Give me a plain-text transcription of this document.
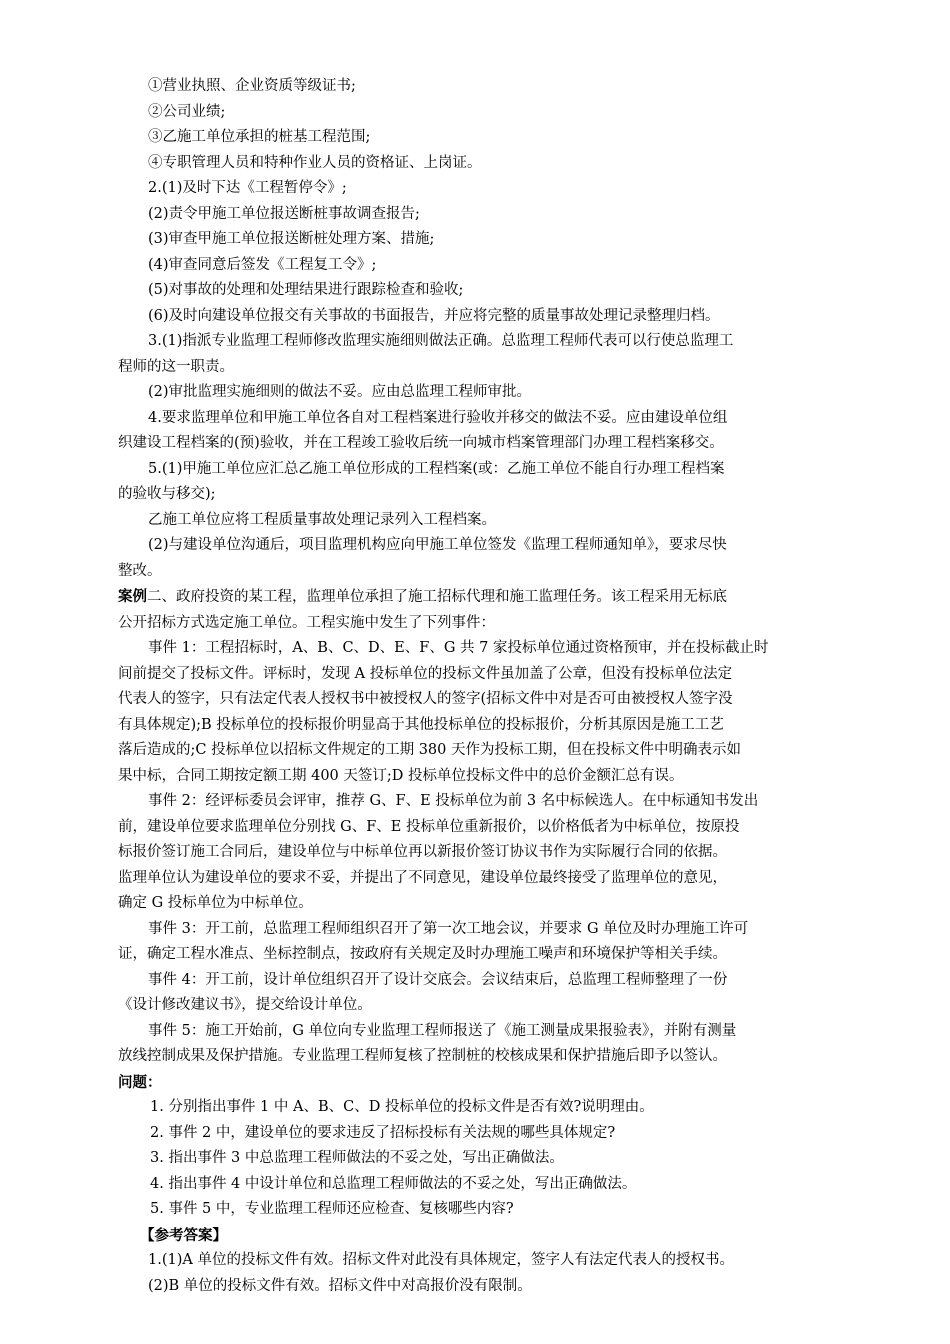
①营业执照、企业资质等级证书;
②公司业绩;
③乙施工单位承担的桩基工程范围;
④专职管理人员和特种作业人员的资格证、上岗证。
2.(1)及时下达《工程暂停令》;
(2)责令甲施工单位报送断桩事故调查报告;
(3)审查甲施工单位报送断桩处理方案、措施;
(4)审查同意后签发《工程复工令》;
(5)对事故的处理和处理结果进行跟踪检查和验收;
(6)及时向建设单位报交有关事故的书面报告，并应将完整的质量事故处理记录整理归档。
3.(1)指派专业监理工程师修改监理实施细则做法正确。总监理工程师代表可以行使总监理工
程师的这一职责。
(2)审批监理实施细则的做法不妥。应由总监理工程师审批。
4.要求监理单位和甲施工单位各自对工程档案进行验收并移交的做法不妥。应由建设单位组
织建设工程档案的(预)验收，并在工程竣工验收后统一向城市档案管理部门办理工程档案移交。
5.(1)甲施工单位应汇总乙施工单位形成的工程档案(或：乙施工单位不能自行办理工程档案
的验收与移交);
乙施工单位应将工程质量事故处理记录列入工程档案。
(2)与建设单位沟通后，项目监理机构应向甲施工单位签发《监理工程师通知单》，要求尽快
整改。
案例二、政府投资的某工程，监理单位承担了施工招标代理和施工监理任务。该工程采用无标底
公开招标方式选定施工单位。工程实施中发生了下列事件：
事件 1：工程招标时，A、B、C、D、E、F、G 共 7 家投标单位通过资格预审，并在投标截止时
间前提交了投标文件。评标时，发现 A 投标单位的投标文件虽加盖了公章，但没有投标单位法定
代表人的签字，只有法定代表人授权书中被授权人的签字(招标文件中对是否可由被授权人签字没
有具体规定);B 投标单位的投标报价明显高于其他投标单位的投标报价，分析其原因是施工工艺
落后造成的;C 投标单位以招标文件规定的工期 380 天作为投标工期，但在投标文件中明确表示如
果中标，合同工期按定额工期 400 天签订;D 投标单位投标文件中的总价金额汇总有误。
事件 2：经评标委员会评审，推荐 G、F、E 投标单位为前 3 名中标候选人。在中标通知书发出
前，建设单位要求监理单位分别找 G、F、E 投标单位重新报价，以价格低者为中标单位，按原投
标报价签订施工合同后，建设单位与中标单位再以新报价签订协议书作为实际履行合同的依据。
监理单位认为建设单位的要求不妥，并提出了不同意见，建设单位最终接受了监理单位的意见，
确定 G 投标单位为中标单位。
事件 3：开工前，总监理工程师组织召开了第一次工地会议，并要求 G 单位及时办理施工许可
证，确定工程水准点、坐标控制点，按政府有关规定及时办理施工噪声和环境保护等相关手续。
事件 4：开工前，设计单位组织召开了设计交底会。会议结束后，总监理工程师整理了一份
《设计修改建议书》，提交给设计单位。
事件 5：施工开始前，G 单位向专业监理工程师报送了《施工测量成果报验表》，并附有测量
放线控制成果及保护措施。专业监理工程师复核了控制桩的校核成果和保护措施后即予以签认。
问题：
1. 分别指出事件 1 中 A、B、C、D 投标单位的投标文件是否有效?说明理由。
2. 事件 2 中，建设单位的要求违反了招标投标有关法规的哪些具体规定?
3. 指出事件 3 中总监理工程师做法的不妥之处，写出正确做法。
4. 指出事件 4 中设计单位和总监理工程师做法的不妥之处，写出正确做法。
5. 事件 5 中，专业监理工程师还应检查、复核哪些内容?
【参考答案】
1.(1)A 单位的投标文件有效。招标文件对此没有具体规定，签字人有法定代表人的授权书。
(2)B 单位的投标文件有效。招标文件中对高报价没有限制。
